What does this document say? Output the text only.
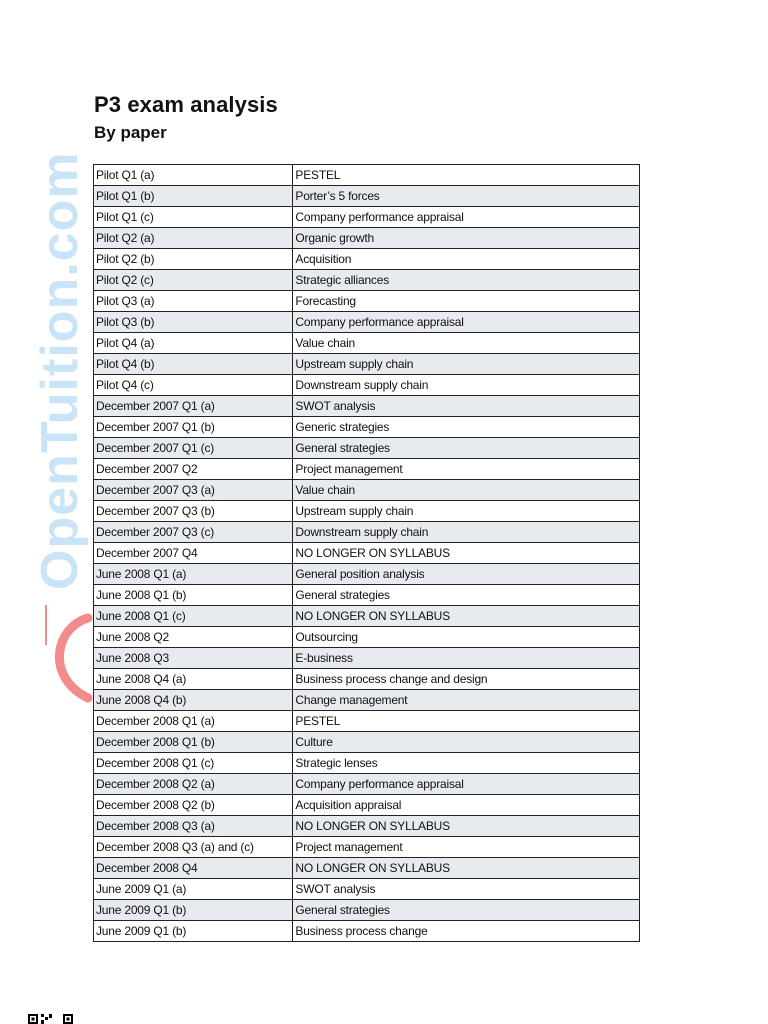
OpenTuition.com
P3 exam analysis
By paper
Pilot Q1 (a)	PESTEL
Pilot Q1 (b)	Porter’s 5 forces
Pilot Q1 (c)	Company performance appraisal
Pilot Q2 (a)	Organic growth
Pilot Q2 (b)	Acquisition
Pilot Q2 (c)	Strategic alliances
Pilot Q3 (a)	Forecasting
Pilot Q3 (b)	Company performance appraisal
Pilot Q4 (a)	Value chain
Pilot Q4 (b)	Upstream supply chain
Pilot Q4 (c)	Downstream supply chain
December 2007 Q1 (a)	SWOT analysis
December 2007 Q1 (b)	Generic strategies
December 2007 Q1 (c)	General strategies
December 2007 Q2	Project management
December 2007 Q3 (a)	Value chain
December 2007 Q3 (b)	Upstream supply chain
December 2007 Q3 (c)	Downstream supply chain
December 2007 Q4	NO LONGER ON SYLLABUS
June 2008 Q1 (a)	General position analysis
June 2008 Q1 (b)	General strategies
June 2008 Q1 (c)	NO LONGER ON SYLLABUS
June 2008 Q2	Outsourcing
June 2008 Q3	E-business
June 2008 Q4 (a)	Business process change and design
June 2008 Q4 (b)	Change management
December 2008 Q1 (a)	PESTEL
December 2008 Q1 (b)	Culture
December 2008 Q1 (c)	Strategic lenses
December 2008 Q2 (a)	Company performance appraisal
December 2008 Q2 (b)	Acquisition appraisal
December 2008 Q3 (a)	NO LONGER ON SYLLABUS
December 2008 Q3 (a) and (c)	Project management
December 2008 Q4	NO LONGER ON SYLLABUS
June 2009 Q1 (a)	SWOT analysis
June 2009 Q1 (b)	General strategies
June 2009 Q1 (b)	Business process change
